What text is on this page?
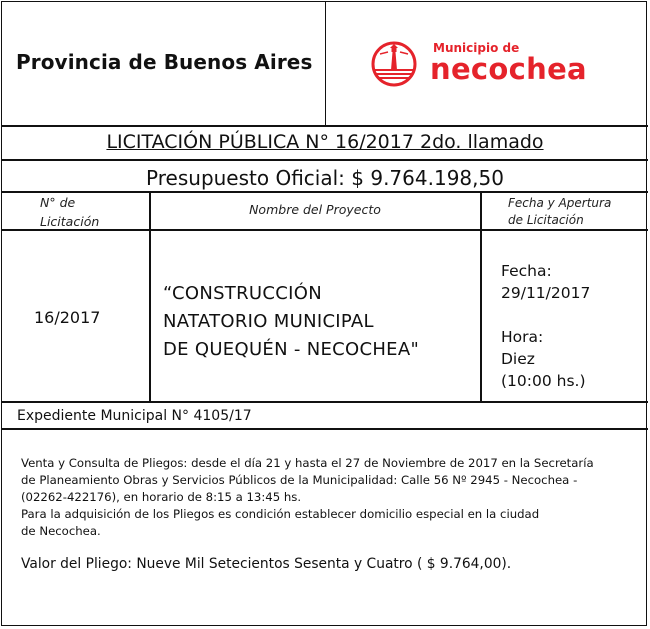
Provincia de Buenos Aires
Municipio de
necochea
LICITACIÓN PÚBLICA N° 16/2017 2do. llamado
Presupuesto Oficial: $ 9.764.198,50
N° de
Licitación
Nombre del Proyecto	Fecha y Apertura
de Licitación
16/2017
“CONSTRUCCIÓN
NATATORIO MUNICIPAL
DE QUEQUÉN - NECOCHEA"
Fecha:
29/11/2017
Hora:
Diez
(10:00 hs.)
Expediente Municipal N° 4105/17
Venta y Consulta de Pliegos: desde el día 21 y hasta el 27 de Noviembre de 2017 en la Secretaría
de Planeamiento Obras y Servicios Públicos de la Municipalidad: Calle 56 Nº 2945 - Necochea -
(02262-422176), en horario de 8:15 a 13:45 hs.
Para la adquisición de los Pliegos es condición establecer domicilio especial en la ciudad
de Necochea.
Valor del Pliego: Nueve Mil Setecientos Sesenta y Cuatro ( $ 9.764,00).
